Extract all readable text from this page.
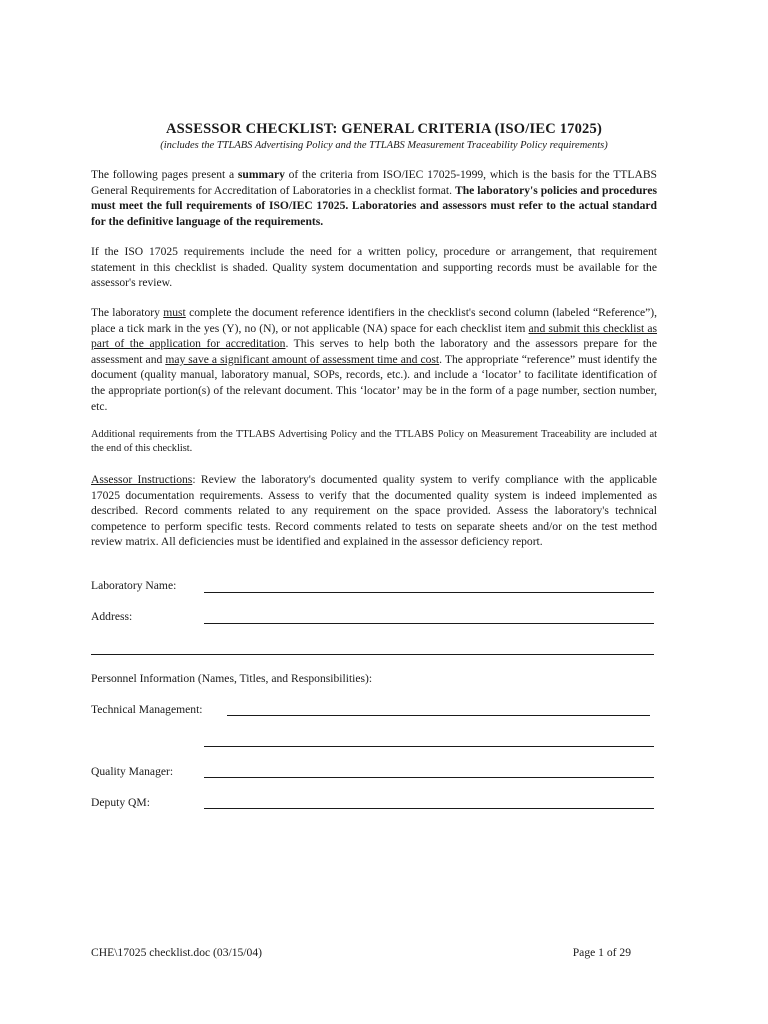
ASSESSOR CHECKLIST: GENERAL CRITERIA (ISO/IEC 17025)
(includes the TTLABS Advertising Policy and the TTLABS Measurement Traceability Policy requirements)

The following pages present a summary of the criteria from ISO/IEC 17025-1999, which is the basis for the TTLABS General Requirements for Accreditation of Laboratories in a checklist format. The laboratory's policies and procedures must meet the full requirements of ISO/IEC 17025. Laboratories and assessors must refer to the actual standard for the definitive language of the requirements.

If the ISO 17025 requirements include the need for a written policy, procedure or arrangement, that requirement statement in this checklist is shaded. Quality system documentation and supporting records must be available for the assessor's review.

The laboratory must complete the document reference identifiers in the checklist's second column (labeled “Reference”), place a tick mark in the yes (Y), no (N), or not applicable (NA) space for each checklist item and submit this checklist as part of the application for accreditation. This serves to help both the laboratory and the assessors prepare for the assessment and may save a significant amount of assessment time and cost. The appropriate “reference” must identify the document (quality manual, laboratory manual, SOPs, records, etc.). and include a ‘locator’ to facilitate identification of the appropriate portion(s) of the relevant document. This ‘locator’ may be in the form of a page number, section number, etc.

Additional requirements from the TTLABS Advertising Policy and the TTLABS Policy on Measurement Traceability are included at the end of this checklist.

Assessor Instructions: Review the laboratory's documented quality system to verify compliance with the applicable 17025 documentation requirements. Assess to verify that the documented quality system is indeed implemented as described. Record comments related to any requirement on the space provided. Assess the laboratory's technical competence to perform specific tests. Record comments related to tests on separate sheets and/or on the test method review matrix. All deficiencies must be identified and explained in the assessor deficiency report.

Laboratory Name:
Address:
Personnel Information (Names, Titles, and Responsibilities):
Technical Management:
Quality Manager:
Deputy QM:
CHE\17025 checklist.doc (03/15/04)	Page 1 of 29
